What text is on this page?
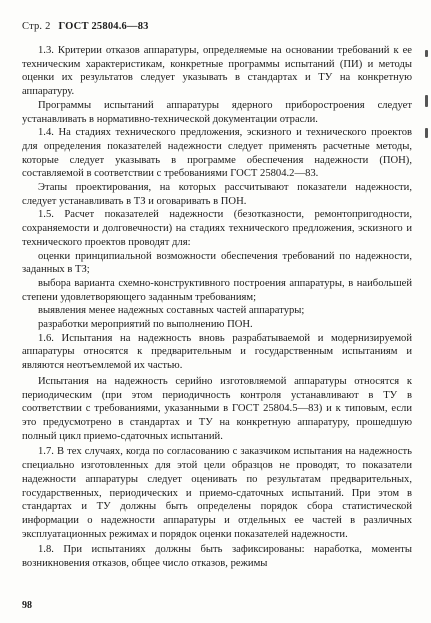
Стр. 2 ГОСТ 25804.6—83

1.3. Критерии отказов аппаратуры, определяемые на основании требований к ее техническим характеристикам, конкретные программы испытаний (ПИ) и методы оценки их результатов следует указывать в стандартах и ТУ на конкретную аппаратуру.

Программы испытаний аппаратуры ядерного приборостроения следует устанавливать в нормативно-технической документации отрасли.

1.4. На стадиях технического предложения, эскизного и технического проектов для определения показателей надежности следует применять расчетные методы, которые следует указывать в программе обеспечения надежности (ПОН), составляемой в соответствии с требованиями ГОСТ 25804.2—83.

Этапы проектирования, на которых рассчитывают показатели надежности, следует устанавливать в ТЗ и оговаривать в ПОН.

1.5. Расчет показателей надежности (безотказности, ремонтопригодности, сохраняемости и долговечности) на стадиях технического предложения, эскизного и технического проектов проводят для:

оценки принципиальной возможности обеспечения требований по надежности, заданных в ТЗ;

выбора варианта схемно-конструктивного построения аппаратуры, в наибольшей степени удовлетворяющего заданным требованиям;

выявления менее надежных составных частей аппаратуры;

разработки мероприятий по выполнению ПОН.

1.6. Испытания на надежность вновь разрабатываемой и модернизируемой аппаратуры относятся к предварительным и государственным испытаниям и являются неотъемлемой их частью.

Испытания на надежность серийно изготовляемой аппаратуры относятся к периодическим (при этом периодичность контроля устанавливают в ТУ в соответствии с требованиями, указанными в ГОСТ 25804.5—83) и к типовым, если это предусмотрено в стандартах и ТУ на конкретную аппаратуру, прошедшую полный цикл приемо-сдаточных испытаний.

1.7. В тех случаях, когда по согласованию с заказчиком испытания на надежность специально изготовленных для этой цели образцов не проводят, то показатели надежности аппаратуры следует оценивать по результатам предварительных, государственных, периодических и приемо-сдаточных испытаний. При этом в стандартах и ТУ должны быть определены порядок сбора статистической информации о надежности аппаратуры и отдельных ее частей в различных эксплуатационных режимах и порядок оценки показателей надежности.

1.8. При испытаниях должны быть зафиксированы: наработка, моменты возникновения отказов, общее число отказов, режимы

98
